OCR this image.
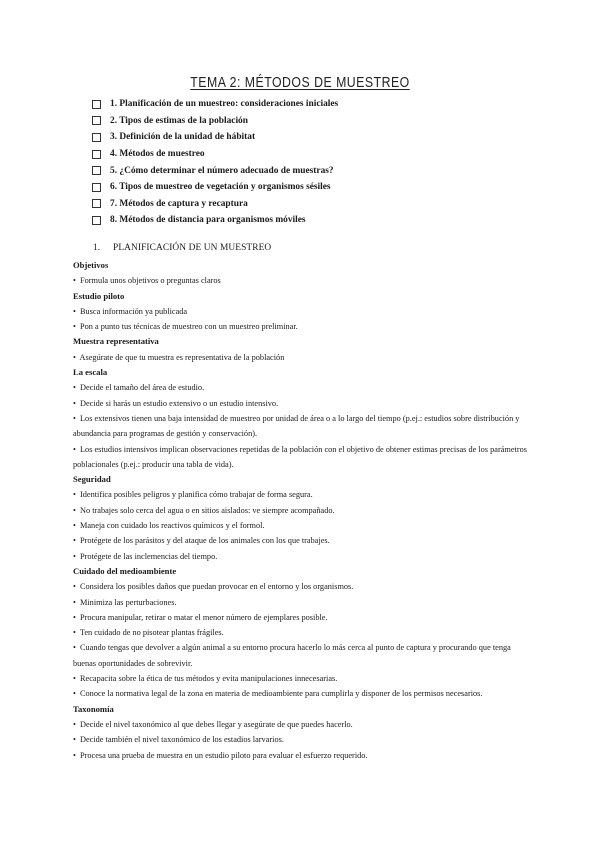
TEMA 2: MÉTODOS DE MUESTREO
1. Planificación de un muestreo: consideraciones iniciales
2. Tipos de estimas de la población
3. Definición de la unidad de hábitat
4. Métodos de muestreo
5. ¿Cómo determinar el número adecuado de muestras?
6. Tipos de muestreo de vegetación y organismos sésiles
7. Métodos de captura y recaptura
8. Métodos de distancia para organismos móviles
1.	PLANIFICACIÓN DE UN MUESTREO
Objetivos
• Formula unos objetivos o preguntas claros
Estudio piloto
• Busca información ya publicada
• Pon a punto tus técnicas de muestreo con un muestreo preliminar.
Muestra representativa
• Asegúrate de que tu muestra es representativa de la población
La escala
• Decide el tamaño del área de estudio.
• Decide si harás un estudio extensivo o un estudio intensivo.
• Los extensivos tienen una baja intensidad de muestreo por unidad de área o a lo largo del tiempo (p.ej.: estudios sobre distribución y abundancia para programas de gestión y conservación).
• Los estudios intensivos implican observaciones repetidas de la población con el objetivo de obtener estimas precisas de los parámetros poblacionales (p.ej.: producir una tabla de vida).
Seguridad
• Identifica posibles peligros y planifica cómo trabajar de forma segura.
• No trabajes solo cerca del agua o en sitios aislados: ve siempre acompañado.
• Maneja con cuidado los reactivos químicos y el formol.
• Protégete de los parásitos y del ataque de los animales con los que trabajes.
• Protégete de las inclemencias del tiempo.
Cuidado del medioambiente
• Considera los posibles daños que puedan provocar en el entorno y los organismos.
• Minimiza las perturbaciones.
• Procura manipular, retirar o matar el menor número de ejemplares posible.
• Ten cuidado de no pisotear plantas frágiles.
• Cuando tengas que devolver a algún animal a su entorno procura hacerlo lo más cerca al punto de captura y procurando que tenga buenas oportunidades de sobrevivir.
• Recapacita sobre la ética de tus métodos y evita manipulaciones innecesarias.
• Conoce la normativa legal de la zona en materia de medioambiente para cumplirla y disponer de los permisos necesarios.
Taxonomía
• Decide el nivel taxonómico al que debes llegar y asegúrate de que puedes hacerlo.
• Decide también el nivel taxonómico de los estadios larvarios.
• Procesa una prueba de muestra en un estudio piloto para evaluar el esfuerzo requerido.
